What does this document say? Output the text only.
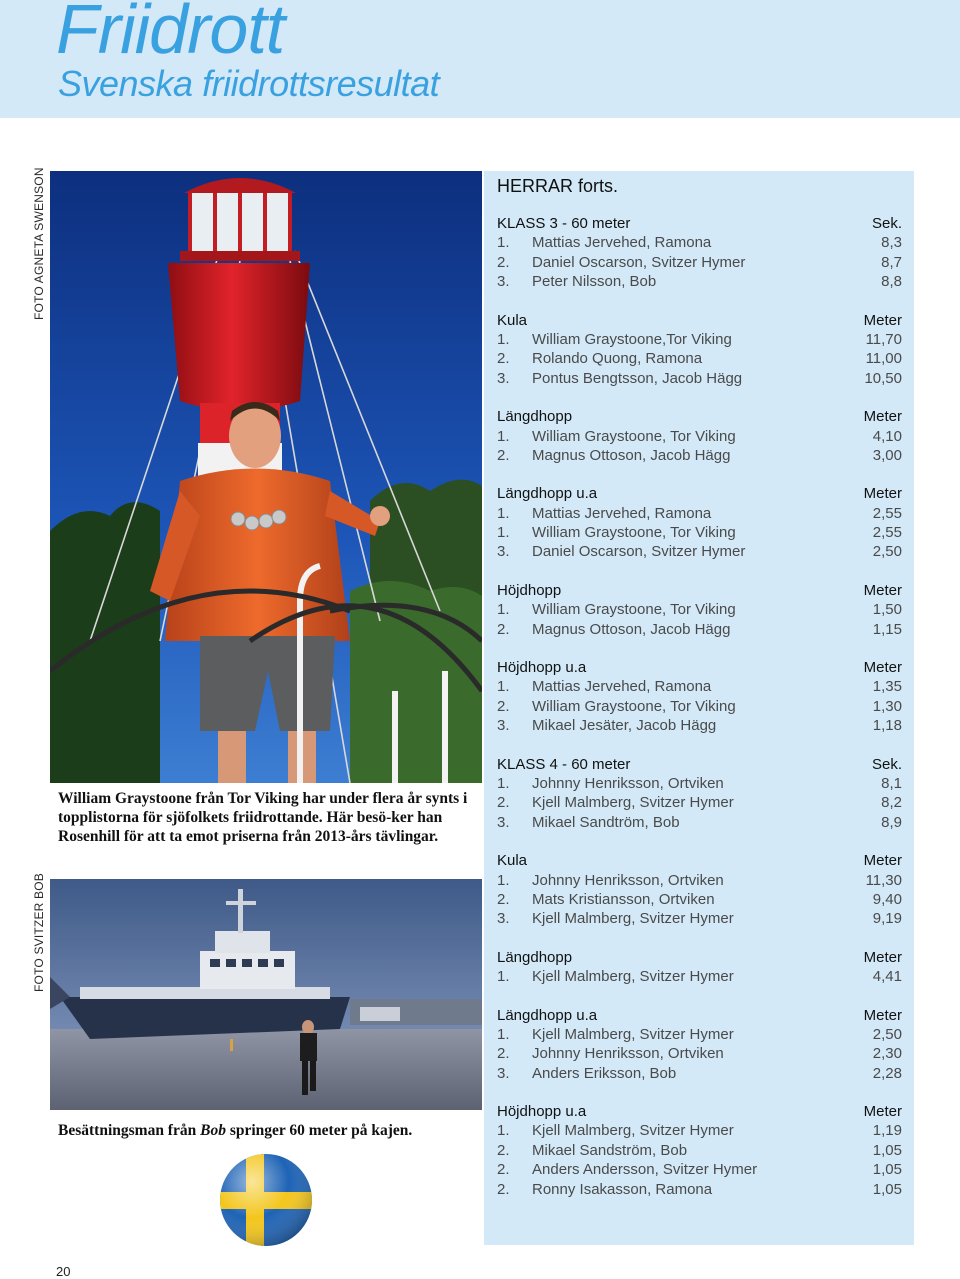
Friidrott
Svenska friidrottsresultat
FOTO AGNETA SWENSON
FOTO SVITZER BOB

William Graystoone från Tor Viking har under flera år synts i topplistorna för sjöfolkets friidrottande. Här besö-ker han Rosenhill för att ta emot priserna från 2013-års tävlingar.

Besättningsman från Bob springer 60 meter på kajen.
20
HERRAR forts.
KLASS 3 - 60 meter	Sek.
1. Mattias Jervehed, Ramona	8,3
2. Daniel Oscarson, Svitzer Hymer	8,7
3. Peter Nilsson, Bob	8,8
Kula	Meter
1. William Graystoone,Tor Viking	11,70
2. Rolando Quong, Ramona	11,00
3. Pontus Bengtsson, Jacob Hägg	10,50
Längdhopp	Meter
1. William Graystoone, Tor Viking	4,10
2. Magnus Ottoson, Jacob Hägg	3,00
Längdhopp u.a	Meter
1. Mattias Jervehed, Ramona	2,55
1. William Graystoone, Tor Viking	2,55
3. Daniel Oscarson, Svitzer Hymer	2,50
Höjdhopp	Meter
1. William Graystoone, Tor Viking	1,50
2. Magnus Ottoson, Jacob Hägg	1,15
Höjdhopp u.a	Meter
1. Mattias Jervehed, Ramona	1,35
2. William Graystoone, Tor Viking	1,30
3. Mikael Jesäter, Jacob Hägg	1,18
KLASS 4 - 60 meter	Sek.
1. Johnny Henriksson, Ortviken	8,1
2. Kjell Malmberg, Svitzer Hymer	8,2
3. Mikael Sandtröm, Bob	8,9
Kula	Meter
1. Johnny Henriksson, Ortviken	11,30
2. Mats Kristiansson, Ortviken	9,40
3. Kjell Malmberg, Svitzer Hymer	9,19
Längdhopp	Meter
1. Kjell Malmberg, Svitzer Hymer	4,41
Längdhopp u.a	Meter
1. Kjell Malmberg, Svitzer Hymer	2,50
2. Johnny Henriksson, Ortviken	2,30
3. Anders Eriksson, Bob	2,28
Höjdhopp u.a	Meter
1. Kjell Malmberg, Svitzer Hymer	1,19
2. Mikael Sandström, Bob	1,05
2. Anders Andersson, Svitzer Hymer	1,05
2. Ronny Isakasson, Ramona	1,05
